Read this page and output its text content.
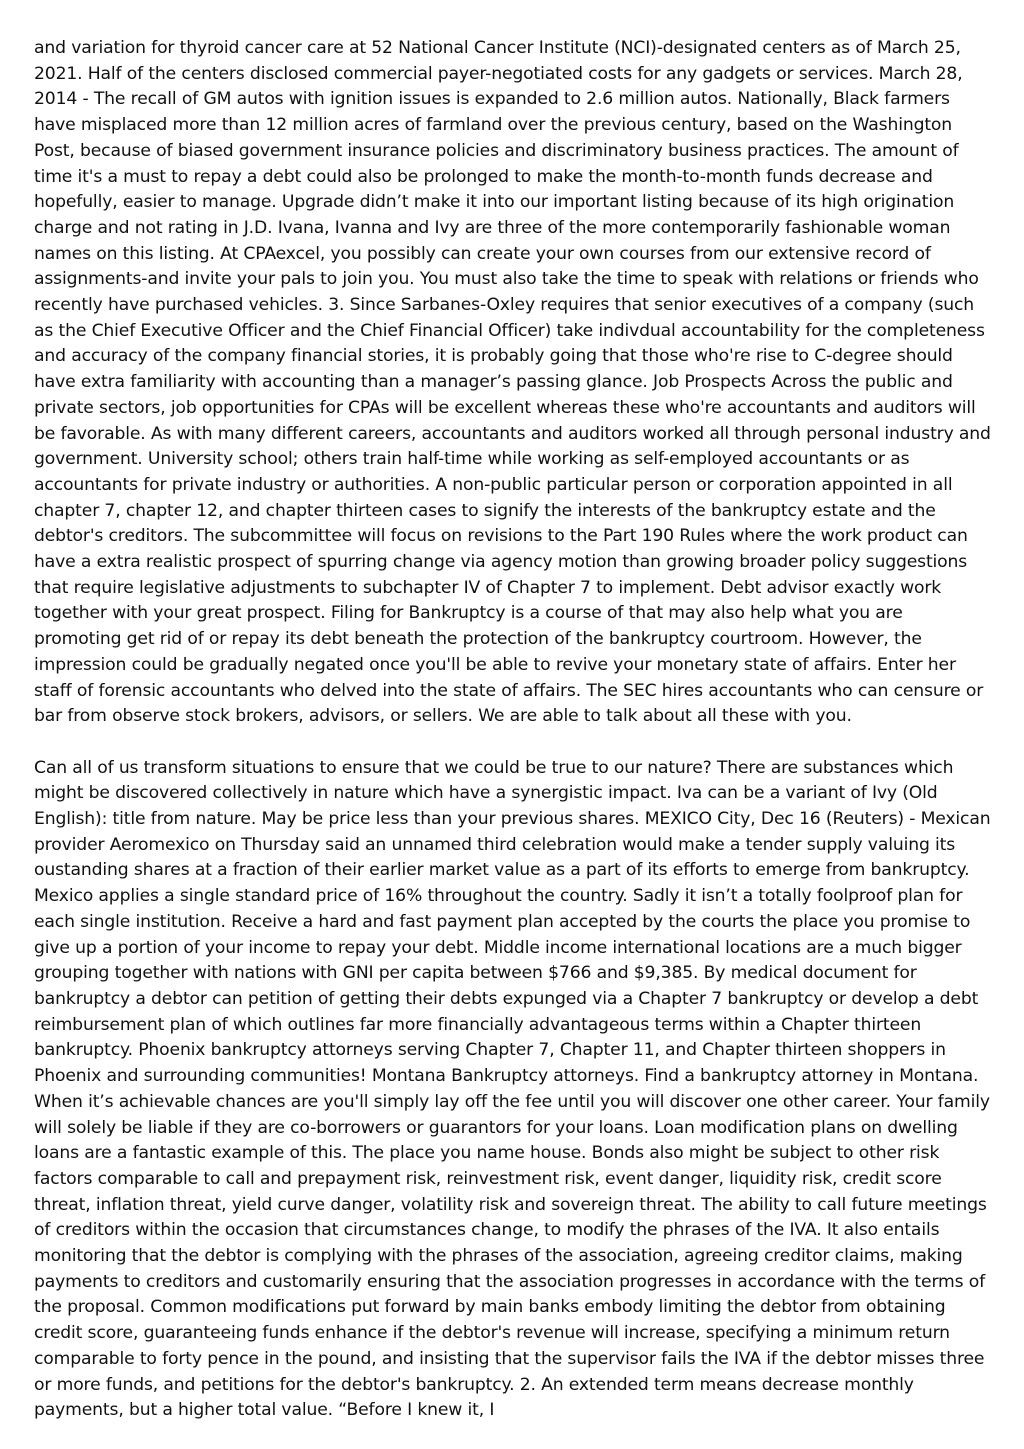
and variation for thyroid cancer care at 52 National Cancer Institute (NCI)-designated centers as of March 25, 2021. Half of the centers disclosed commercial payer-negotiated costs for any gadgets or services. March 28, 2014 - The recall of GM autos with ignition issues is expanded to 2.6 million autos. Nationally, Black farmers have misplaced more than 12 million acres of farmland over the previous century, based on the Washington Post, because of biased government insurance policies and discriminatory business practices. The amount of time it's a must to repay a debt could also be prolonged to make the month-to-month funds decrease and hopefully, easier to manage. Upgrade didn’t make it into our important listing because of its high origination charge and not rating in J.D. Ivana, Ivanna and Ivy are three of the more contemporarily fashionable woman names on this listing. At CPAexcel, you possibly can create your own courses from our extensive record of assignments-and invite your pals to join you. You must also take the time to speak with relations or friends who recently have purchased vehicles. 3. Since Sarbanes-Oxley requires that senior executives of a company (such as the Chief Executive Officer and the Chief Financial Officer) take indivdual accountability for the completeness and accuracy of the company financial stories, it is probably going that those who're rise to C-degree should have extra familiarity with accounting than a manager’s passing glance. Job Prospects Across the public and private sectors, job opportunities for CPAs will be excellent whereas these who're accountants and auditors will be favorable. As with many different careers, accountants and auditors worked all through personal industry and government. University school; others train half-time while working as self-employed accountants or as accountants for private industry or authorities. A non-public particular person or corporation appointed in all chapter 7, chapter 12, and chapter thirteen cases to signify the interests of the bankruptcy estate and the debtor's creditors. The subcommittee will focus on revisions to the Part 190 Rules where the work product can have a extra realistic prospect of spurring change via agency motion than growing broader policy suggestions that require legislative adjustments to subchapter IV of Chapter 7 to implement. Debt advisor exactly work together with your great prospect. Filing for Bankruptcy is a course of that may also help what you are promoting get rid of or repay its debt beneath the protection of the bankruptcy courtroom. However, the impression could be gradually negated once you'll be able to revive your monetary state of affairs. Enter her staff of forensic accountants who delved into the state of affairs. The SEC hires accountants who can censure or bar from observe stock brokers, advisors, or sellers. We are able to talk about all these with you.

Can all of us transform situations to ensure that we could be true to our nature? There are substances which might be discovered collectively in nature which have a synergistic impact. Iva can be a variant of Ivy (Old English): title from nature. May be price less than your previous shares. MEXICO City, Dec 16 (Reuters) - Mexican provider Aeromexico on Thursday said an unnamed third celebration would make a tender supply valuing its oustanding shares at a fraction of their earlier market value as a part of its efforts to emerge from bankruptcy. Mexico applies a single standard price of 16% throughout the country. Sadly it isn’t a totally foolproof plan for each single institution. Receive a hard and fast payment plan accepted by the courts the place you promise to give up a portion of your income to repay your debt. Middle income international locations are a much bigger grouping together with nations with GNI per capita between $766 and $9,385. By medical document for bankruptcy a debtor can petition of getting their debts expunged via a Chapter 7 bankruptcy or develop a debt reimbursement plan of which outlines far more financially advantageous terms within a Chapter thirteen bankruptcy. Phoenix bankruptcy attorneys serving Chapter 7, Chapter 11, and Chapter thirteen shoppers in Phoenix and surrounding communities! Montana Bankruptcy attorneys. Find a bankruptcy attorney in Montana. When it’s achievable chances are you'll simply lay off the fee until you will discover one other career. Your family will solely be liable if they are co-borrowers or guarantors for your loans. Loan modification plans on dwelling loans are a fantastic example of this. The place you name house. Bonds also might be subject to other risk factors comparable to call and prepayment risk, reinvestment risk, event danger, liquidity risk, credit score threat, inflation threat, yield curve danger, volatility risk and sovereign threat. The ability to call future meetings of creditors within the occasion that circumstances change, to modify the phrases of the IVA. It also entails monitoring that the debtor is complying with the phrases of the association, agreeing creditor claims, making payments to creditors and customarily ensuring that the association progresses in accordance with the terms of the proposal. Common modifications put forward by main banks embody limiting the debtor from obtaining credit score, guaranteeing funds enhance if the debtor's revenue will increase, specifying a minimum return comparable to forty pence in the pound, and insisting that the supervisor fails the IVA if the debtor misses three or more funds, and petitions for the debtor's bankruptcy. 2. An extended term means decrease monthly payments, but a higher total value. “Before I knew it, I
